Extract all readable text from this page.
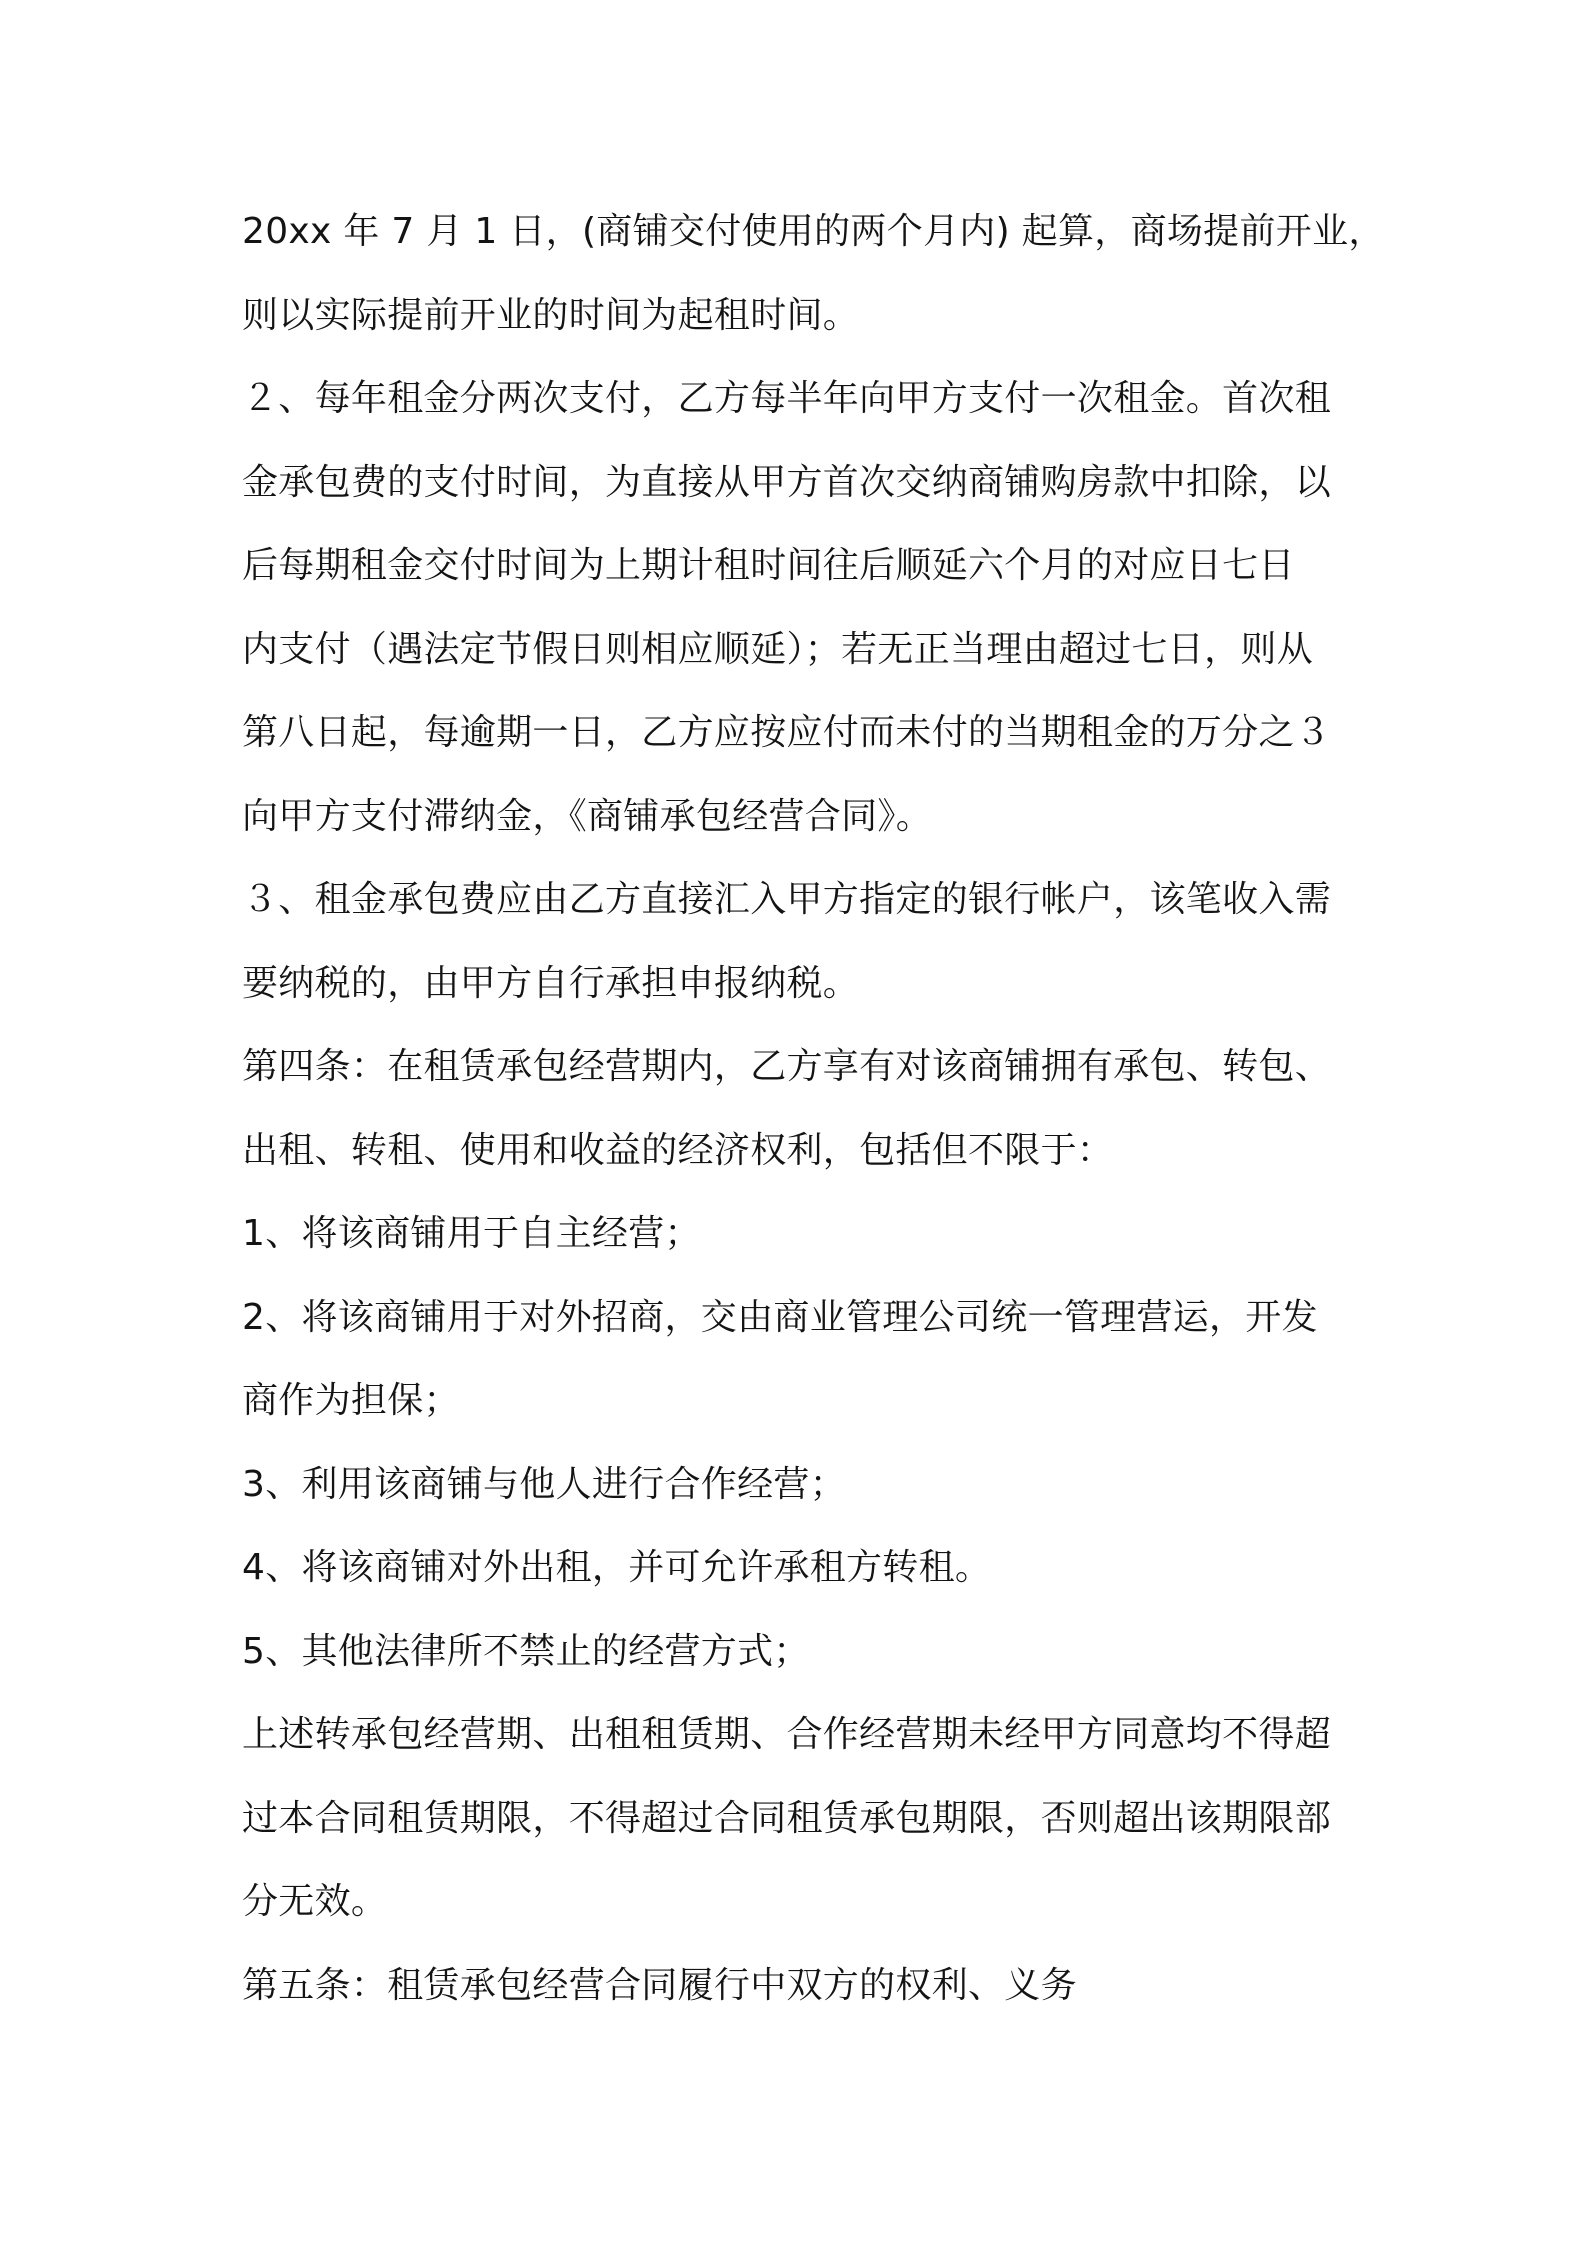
20xx 年 7 月 1 日，(商铺交付使用的两个月内) 起算，商场提前开业，
则以实际提前开业的时间为起租时间。
２、每年租金分两次支付，乙方每半年向甲方支付一次租金。首次租
金承包费的支付时间，为直接从甲方首次交纳商铺购房款中扣除，以
后每期租金交付时间为上期计租时间往后顺延六个月的对应日七日
内支付（遇法定节假日则相应顺延）；若无正当理由超过七日，则从
第八日起，每逾期一日，乙方应按应付而未付的当期租金的万分之３
向甲方支付滞纳金，《商铺承包经营合同》。
３、租金承包费应由乙方直接汇入甲方指定的银行帐户，该笔收入需
要纳税的，由甲方自行承担申报纳税。
第四条：在租赁承包经营期内，乙方享有对该商铺拥有承包、转包、
出租、转租、使用和收益的经济权利，包括但不限于：
1、将该商铺用于自主经营；
2、将该商铺用于对外招商，交由商业管理公司统一管理营运，开发
商作为担保；
3、利用该商铺与他人进行合作经营；
4、将该商铺对外出租，并可允许承租方转租。
5、其他法律所不禁止的经营方式；
上述转承包经营期、出租租赁期、合作经营期未经甲方同意均不得超
过本合同租赁期限，不得超过合同租赁承包期限，否则超出该期限部
分无效。
第五条：租赁承包经营合同履行中双方的权利、义务
